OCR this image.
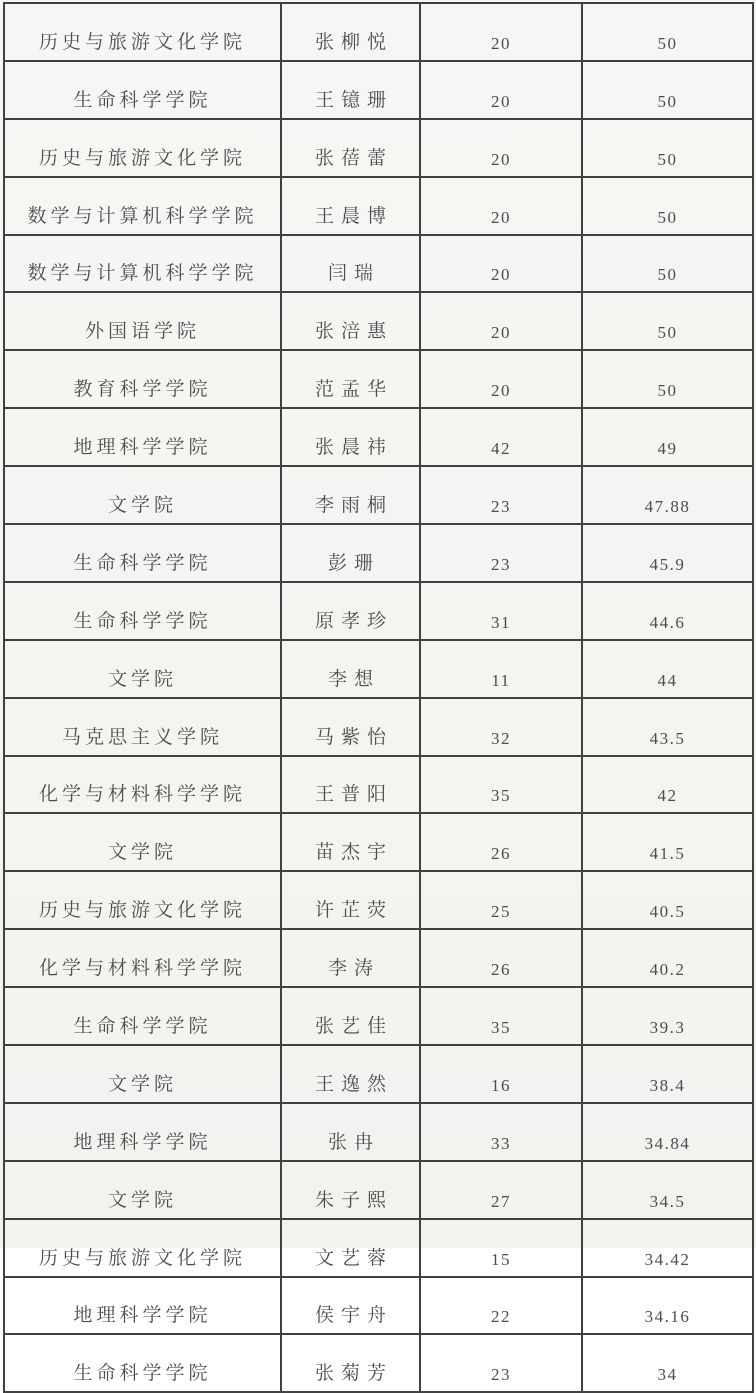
历史与旅游文化学院	张柳悦	20	50
生命科学学院	王镱珊	20	50
历史与旅游文化学院	张蓓蕾	20	50
数学与计算机科学学院	王晨博	20	50
数学与计算机科学学院	闫瑞	20	50
外国语学院	张涪惠	20	50
教育科学学院	范孟华	20	50
地理科学学院	张晨祎	42	49
文学院	李雨桐	23	47.88
生命科学学院	彭珊	23	45.9
生命科学学院	原孝珍	31	44.6
文学院	李想	11	44
马克思主义学院	马紫怡	32	43.5
化学与材料科学学院	王普阳	35	42
文学院	苗杰宇	26	41.5
历史与旅游文化学院	许芷荧	25	40.5
化学与材料科学学院	李涛	26	40.2
生命科学学院	张艺佳	35	39.3
文学院	王逸然	16	38.4
地理科学学院	张冉	33	34.84
文学院	朱子熙	27	34.5
历史与旅游文化学院	文艺蓉	15	34.42
地理科学学院	侯宇舟	22	34.16
生命科学学院	张菊芳	23	34
